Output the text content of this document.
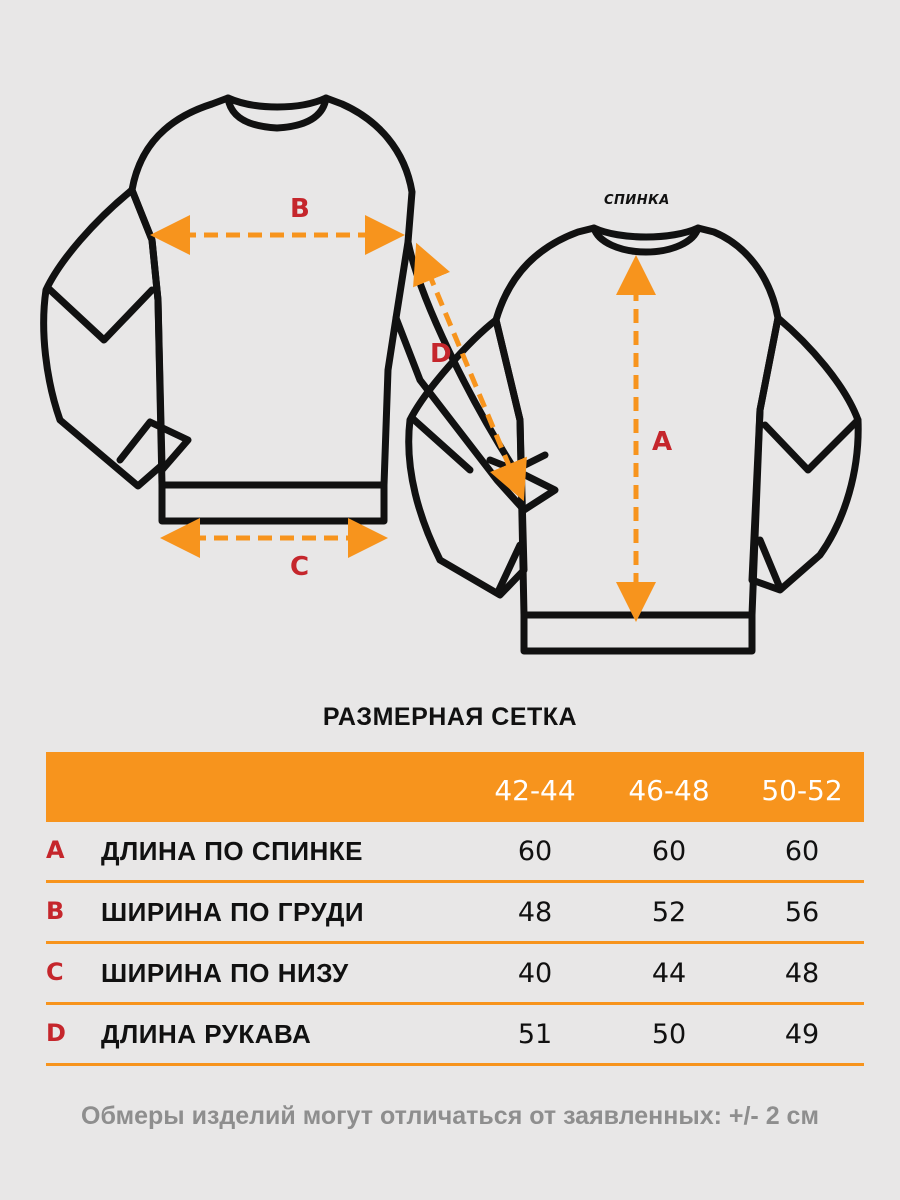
B
C
D
A
СПИНКА
РАЗМЕРНАЯ СЕТКА
42-44	46-48	50-52
A ДЛИНА ПО СПИНКЕ	60	60	60
B ШИРИНА ПО ГРУДИ	48	52	56
C ШИРИНА ПО НИЗУ	40	44	48
D ДЛИНА РУКАВА	51	50	49
Обмеры изделий могут отличаться от заявленных: +/- 2 см
